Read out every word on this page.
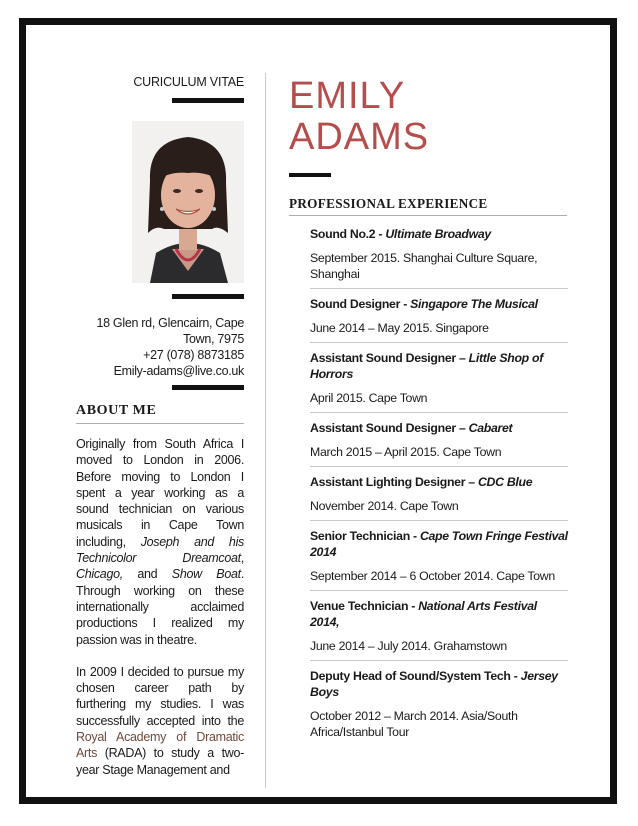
CURICULUM VITAE
18 Glen rd, Glencairn, Cape
Town, 7975
+27 (078) 8873185
Emily-adams@live.co.uk
ABOUT ME

Originally from South Africa I moved to London in 2006. Before moving to London I spent a year working as a sound technician on various musicals in Cape Town including, Joseph and his Technicolor Dreamcoat, Chicago, and Show Boat. Through working on these internationally acclaimed productions I realized my passion was in theatre.

In 2009 I decided to pursue my chosen career path by furthering my studies. I was successfully accepted into the Royal Academy of Dramatic Arts (RADA) to study a two-year Stage Management and

EMILY
ADAMS
PROFESSIONAL EXPERIENCE
Sound No.2 - Ultimate Broadway
September 2015. Shanghai Culture Square, Shanghai
Sound Designer - Singapore The Musical
June 2014 – May 2015. Singapore
Assistant Sound Designer – Little Shop of Horrors
April 2015. Cape Town
Assistant Sound Designer – Cabaret
March 2015 – April 2015. Cape Town
Assistant Lighting Designer – CDC Blue
November 2014. Cape Town
Senior Technician - Cape Town Fringe Festival 2014
September 2014 – 6 October 2014. Cape Town
Venue Technician - National Arts Festival 2014,
June 2014 – July 2014. Grahamstown
Deputy Head of Sound/System Tech - Jersey Boys
October 2012 – March 2014. Asia/South Africa/Istanbul Tour
